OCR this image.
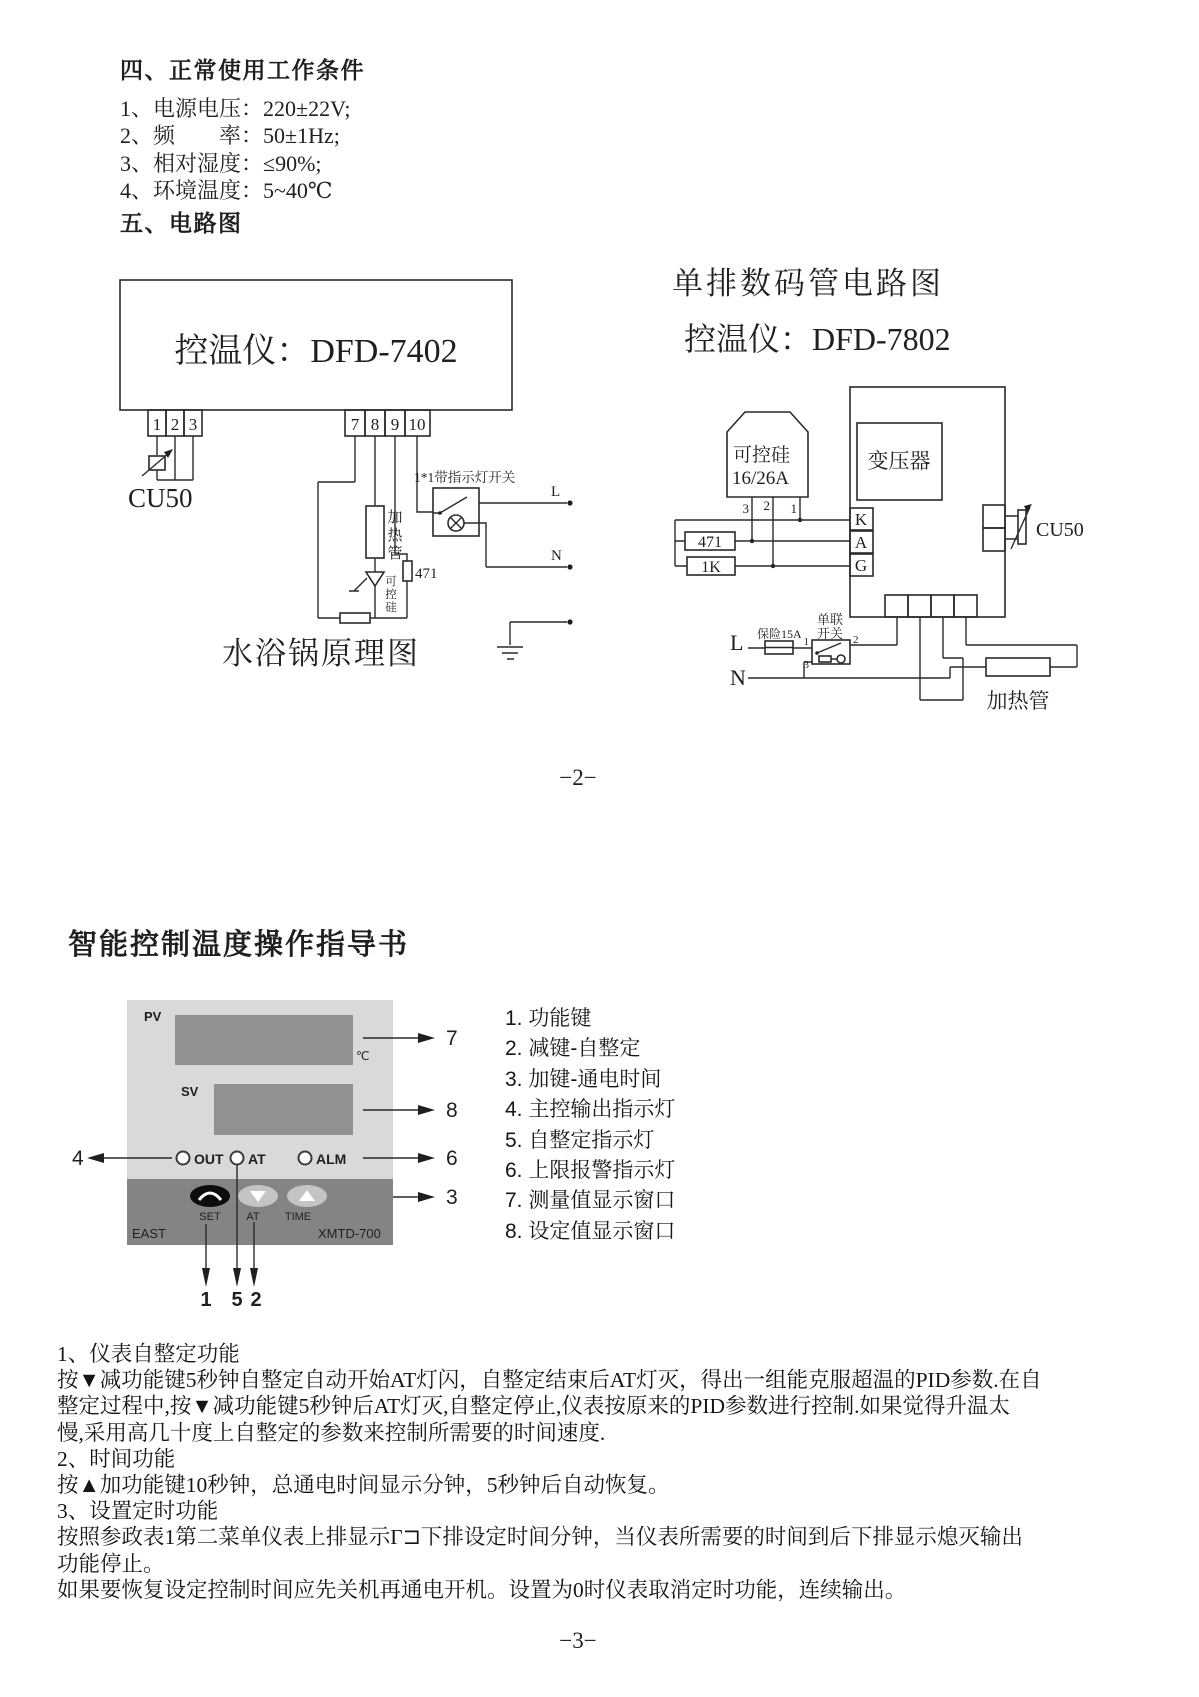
四、正常使用工作条件
1、电源电压：220±22V;
2、频　　率：50±1Hz;
3、相对湿度：≤90%;
4、环境温度：5~40℃
五、电路图
控温仪：DFD-7402
1 2 3	7 8 9 10
CU50
471
加
热
管
可
控
硅
1*1带指示灯开关
L
N
水浴锅原理图
单排数码管电路图
控温仪：DFD-7802
可控硅
16/26A
3 2 1
471
1K
变压器
K
A
G
CU50
加热管
L 保险15A
单联
开关
1	2
3
N
−2−
智能控制温度操作指导书
PV
℃
SV
OUT AT	ALM
SET AT TIME
EAST	XMTD-700
7
8
4	6
3
1 5 2
1. 功能键
2. 减键-自整定
3. 加键-通电时间
4. 主控输出指示灯
5. 自整定指示灯
6. 上限报警指示灯
7. 测量值显示窗口
8. 设定值显示窗口
1、仪表自整定功能
按▼减功能键5秒钟自整定自动开始AT灯闪，自整定结束后AT灯灭，得出一组能克服超温的PID参数.在自
整定过程中,按▼减功能键5秒钟后AT灯灭,自整定停止,仪表按原来的PID参数进行控制.如果觉得升温太
慢,采用高几十度上自整定的参数来控制所需要的时间速度.
2、时间功能
按▲加功能键10秒钟，总通电时间显示分钟，5秒钟后自动恢复。
3、设置定时功能
按照参政表1第二菜单仪表上排显示Γ⊐下排设定时间分钟，当仪表所需要的时间到后下排显示熄灭输出
功能停止。
如果要恢复设定控制时间应先关机再通电开机。设置为0时仪表取消定时功能，连续输出。
−3−
